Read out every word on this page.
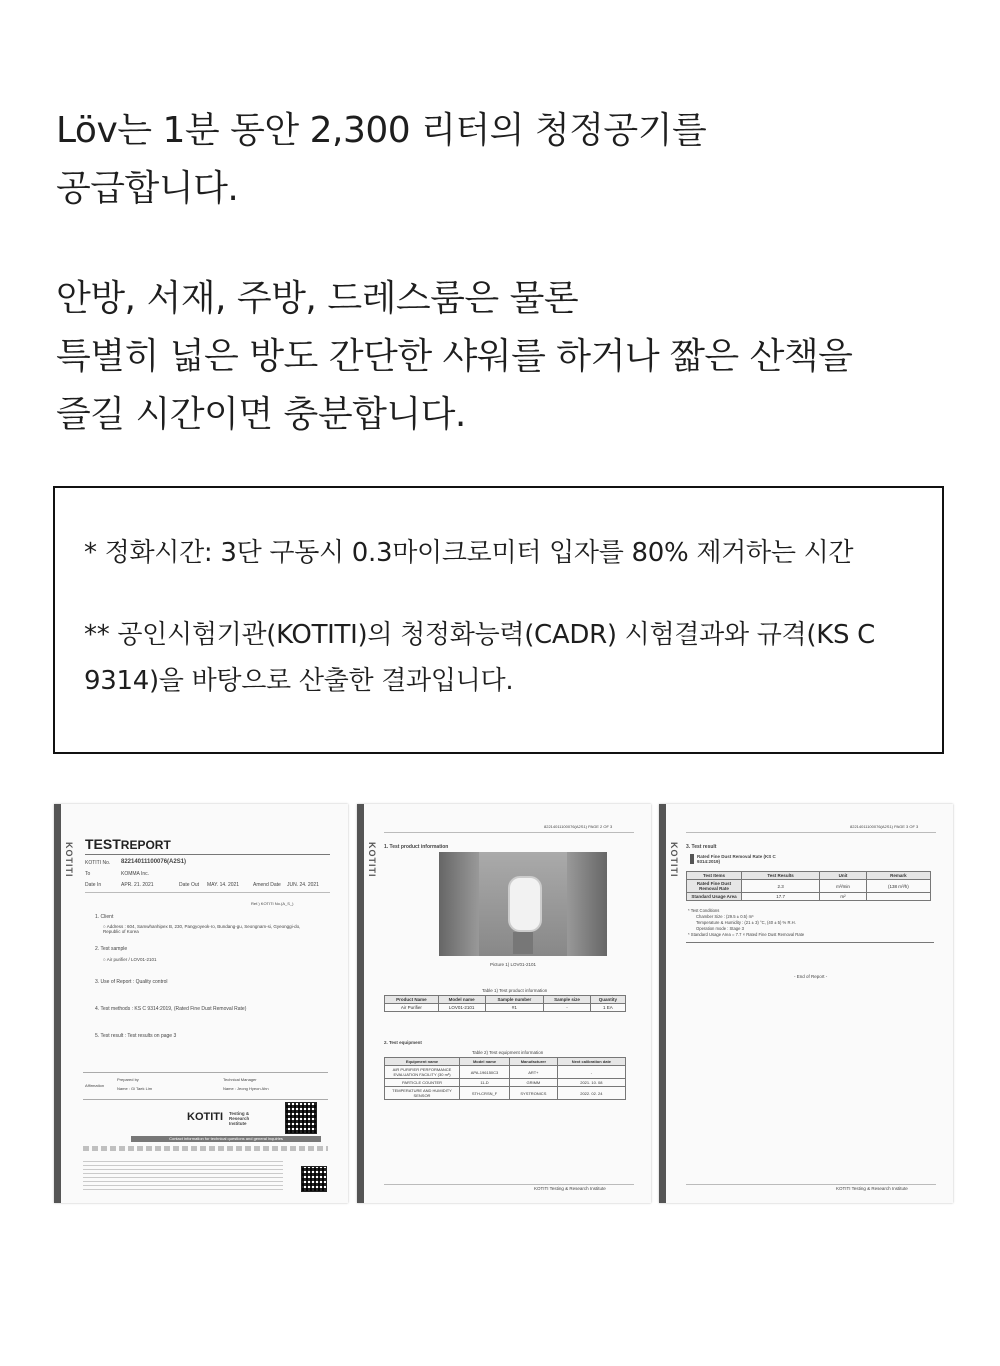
Löv는 1분 동안 2,300 리터의 청정공기를
공급합니다.
안방, 서재, 주방, 드레스룸은 물론
특별히 넓은 방도 간단한 샤워를 하거나 짧은 산책을
즐길 시간이면 충분합니다.
* 정화시간: 3단 구동시 0.3마이크로미터 입자를 80% 제거하는 시간
** 공인시험기관(KOTITI)의 청정화능력(CADR) 시험결과와 규격(KS C 9314)을 바탕으로 산출한 결과입니다.
KOTITI TESTREPORT
KOTITI No. 82214011100076(A2S1)
To	KOMMA Inc.
Date In	APR. 21. 2021	Date Out MAY. 14. 2021	Amend Date JUN. 24. 2021
Ref.) KOTITI No.(A_S_)
1. Client
○ Address : 604, Samwhanhipex B, 230, Pangyoyeok-ro, Bundang-gu, Seongnam-si, Gyeonggi-do, Republic of Korea
2. Test sample
○ Air purifier / LOV01-2101
3. Use of Report : Quality control
4. Test methods : KS C 9314:2019, (Rated Fine Dust Removal Rate)
5. Test result : Test results on page 3
Affirmation
Prepared by
Name : Gi Taek Lim
Technical Manager
Name : Jeong Hyeon Ahn
KOTITI Testing & Research Institute
Contact information for technical questions and general inquiries
KOTITI
82214011100076(A2S1) PAGE 2 OF 3
1. Test product information
Picture 1) LOV01-2101
Table 1) Test product information
Product Name	Model name	Sample number	Sample size	Quantity
Air Purifier	LOV01-2101	#1	-	1 EA
2. Test equipment
Table 2) Test equipment information
Equipment name	Model name	Manufacturer	Next calibration date
AIR PURIFIER PERFORMANCE EVALUATION FACILITY (30 m³)	APA-196150C3	ART+	-
PARTICLE COUNTER	11-D	GRIMM	2021. 10. 08
TEMPERATURE AND HUMIDITY SENSOR	STH-CRSN_F	SYSTRONICS	2022. 02. 24
KOTITI Testing & Research Institute
KOTITI
82214011100076(A2S1) PAGE 3 OF 3
3. Test result
Rated Fine Dust Removal Rate (KS C 9314:2019)
Test Items	Test Results	Unit	Remark
Rated Fine Dust Removal Rate	2.3	m³/min	(138 m³/h)
Standard Usage Area	17.7	m²	
* Test Conditions
Chamber Size : (29.5 ± 0.5) m³
Temperature & Humidity : (21 ± 3) °C, (40 ± 5) % R.H.
Operation mode : Stage 3
* Standard Usage Area = 7.7 × Rated Fine Dust Removal Rate
- End of Report -
KOTITI Testing & Research Institute
